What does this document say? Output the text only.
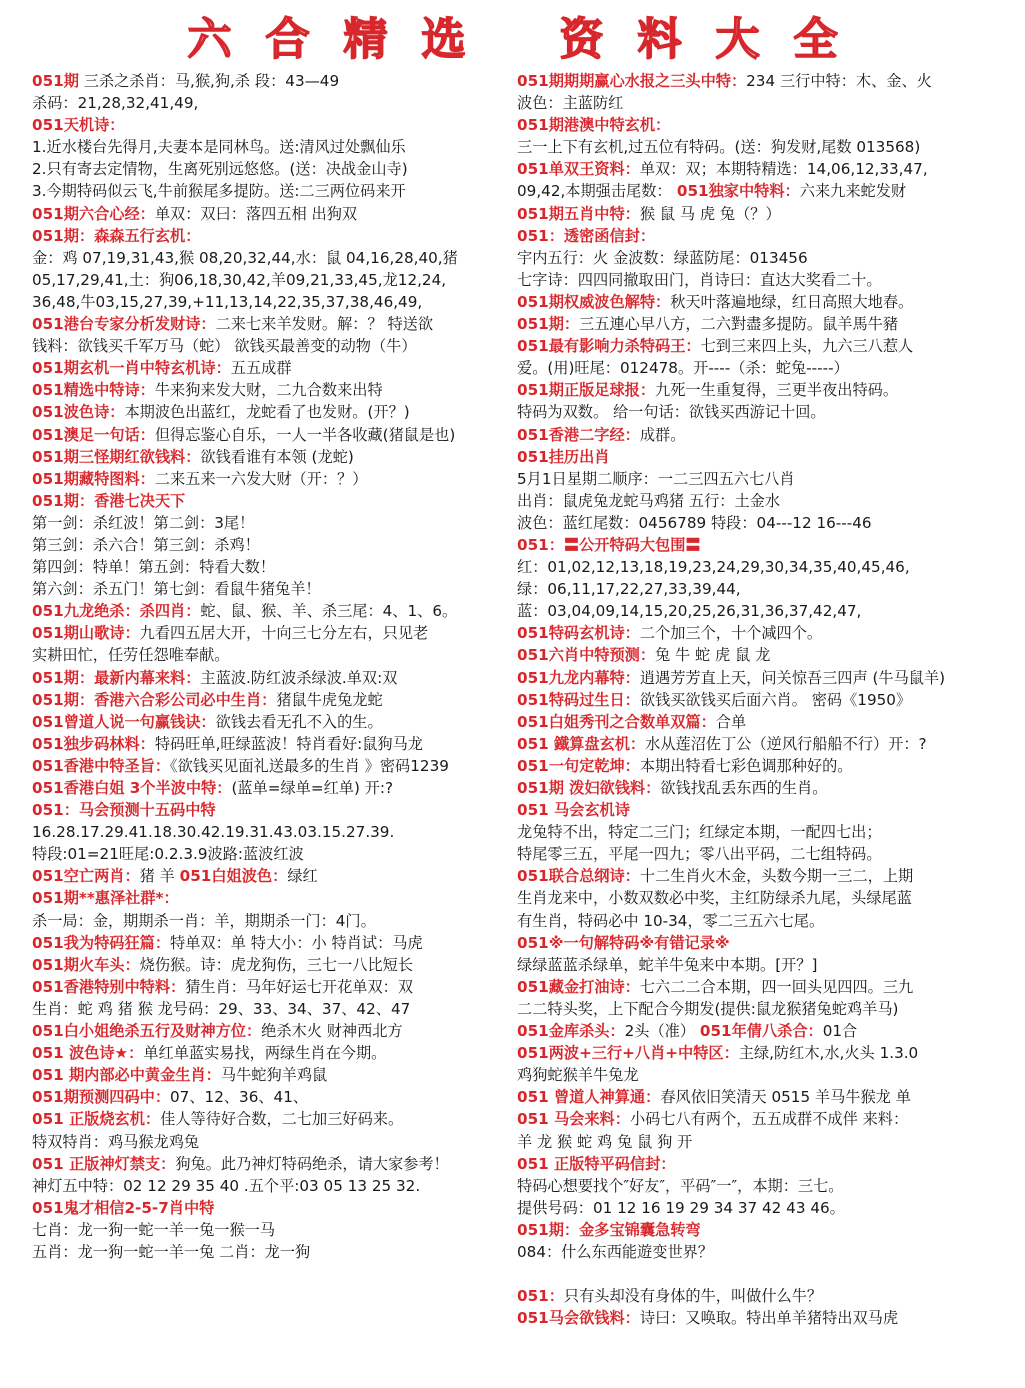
六 合 精 选 资 料 大 全
051期 三杀之杀肖：马,猴,狗,杀 段：43—49
杀码：21,28,32,41,49,
051天机诗：
1.近水楼台先得月,夫妻本是同林鸟。送:清风过处飘仙乐
2.只有寄去定情物，生离死别远悠悠。(送：决战金山寺)
3.今期特码似云飞,牛前猴尾多提防。送:二三两位码来开
051期六合心经：单双：双曰：落四五相 出狗双
051期：森森五行玄机：
金：鸡 07,19,31,43,猴 08,20,32,44,水：鼠 04,16,28,40,猪
05,17,29,41,土：狗06,18,30,42,羊09,21,33,45,龙12,24,
36,48,牛03,15,27,39,+11,13,14,22,35,37,38,46,49,
051港台专家分析发财诗：二来七来羊发财。解：？ 特送欲
钱料：欲钱买千军万马（蛇） 欲钱买最善变的动物（牛）
051期玄机一肖中特玄机诗：五五成群
051精选中特诗：牛来狗来发大财，二九合数来出特
051波色诗：本期波色出蓝红，龙蛇看了也发财。(开？)
051澳足一句话：但得忘鉴心自乐，一人一半各收藏(猪鼠是也)
051期三怪期红欲钱料：欲钱看谁有本领 (龙蛇)
051期藏特图料：二来五来一六发大财（开：？）
051期：香港七决天下
第一剑：杀红波！第二剑：3尾！
第三剑：杀六合！第三剑：杀鸡！
第四剑：特单！第五剑：特看大数！
第六剑：杀五门！第七剑：看鼠牛猪兔羊！
051九龙绝杀：杀四肖：蛇、鼠、猴、羊、杀三尾：4、1、6。
051期山歌诗：九看四五居大开，十向三七分左右，只见老
实耕田忙，任劳任怨唯奉献。
051期：最新内幕来料：主蓝波.防红波杀绿波.单双:双
051期：香港六合彩公司必中生肖：猪鼠牛虎兔龙蛇
051曾道人说一句赢钱诀：欲钱去看无孔不入的生。
051独步码林料：特码旺单,旺绿蓝波！特肖看好:鼠狗马龙
051香港中特圣旨：《欲钱买见面礼送最多的生肖 》密码1239
051香港白姐 3个半波中特：(蓝单=绿单=红单) 开:?
051：马会预测十五码中特
16.28.17.29.41.18.30.42.19.31.43.03.15.27.39.
特段:01=21旺尾:0.2.3.9波路:蓝波红波
051空亡两肖：猪 羊 051白姐波色：绿红
051期**惠泽社群*：
杀一局：金，期期杀一肖：羊，期期杀一门：4门。
051我为特码狂篇：特单双：单 特大小：小 特肖试：马虎
051期火车头：烧伤猴。诗：虎龙狗伤，三七一八比短长
051香港特别中特料：猜生肖：马年好运七开花单双：双
生肖：蛇 鸡 猪 猴 龙号码：29、33、34、37、42、47
051白小姐绝杀五行及财神方位：绝杀木火 财神西北方
051 波色诗★：单红单蓝实易找，两绿生肖在今期。
051 期内部必中黄金生肖：马牛蛇狗羊鸡鼠
051期预测四码中：07、12、36、41、
051 正版烧玄机：佳人等待好合数，二七加三好码来。
特双特肖：鸡马猴龙鸡兔
051 正版神灯禁支：狗兔。此乃神灯特码绝杀，请大家参考！
神灯五中特：02 12 29 35 40 .五个平:03 05 13 25 32.
051鬼才相信2-5-7肖中特
七肖：龙一狗一蛇一羊一兔一猴一马
五肖：龙一狗一蛇一羊一兔 二肖：龙一狗
051期期期赢心水报之三头中特：234 三行中特：木、金、火
波色：主蓝防红
051期港澳中特玄机：
三一上下有玄机,过五位有特码。(送：狗发财,尾数 013568)
051单双王资料：单双：双；本期特精选：14,06,12,33,47,
09,42,本期强击尾数： 051独家中特料：六来九来蛇发财
051期五肖中特：猴 鼠 马 虎 兔（？）
051：透密函信封：
宇内五行：火 金波数：绿蓝防尾：013456
七字诗：四四同撤取田门，肖诗曰：直达大奖看二十。
051期权威波色解特：秋天叶落遍地绿，红日高照大地春。
051期：三五連心早八方，二六對盡多提防。鼠羊馬牛豬
051最有影响力杀特码王：七到三来四上头，九六三八惹人
爱。(用)旺尾：012478。开----（杀：蛇兔-----）
051期正版足球报：九死一生重复得，三更半夜出特码。
特码为双数。 给一句话：欲钱买西游记十回。
051香港二字经：成群。
051挂历出肖
5月1日星期二顺序：一二三四五六七八肖
出肖：鼠虎兔龙蛇马鸡猪 五行：土金水
波色：蓝红尾数：0456789 特段：04---12 16---46
051：〓公开特码大包围〓
红：01,02,12,13,18,19,23,24,29,30,34,35,40,45,46,
绿：06,11,17,22,27,33,39,44,
蓝：03,04,09,14,15,20,25,26,31,36,37,42,47,
051特码玄机诗：二个加三个，十个减四个。
051六肖中特预测：兔 牛 蛇 虎 鼠 龙
051九龙内幕特：逍遇芳芳直上天，问关惊吾三四声 (牛马鼠羊)
051特码过生日：欲钱买欲钱买后面六肖。 密码《1950》
051白姐秀刊之合数单双篇：合单
051 鐵算盘玄机：水从莲沼佐丁公（逆风行船船不行）开：?
051一句定乾坤：本期出特看七彩色调那种好的。
051期 泼妇欲钱料：欲钱找乱丢东西的生肖。
051 马会玄机诗
龙兔特不出，特定二三门；红绿定本期，一配四七出；
特尾零三五，平尾一四九；零八出平码，二七组特码。
051联合总纲诗：十二生肖火木金，头数今期一三二，上期
生肖龙来中，小数双数必中奖，主红防绿杀九尾，头绿尾蓝
有生肖，特码必中 10-34，零二三五六七尾。
051※一句解特码※有错记录※
绿绿蓝蓝杀绿单，蛇羊牛兔来中本期。[开？]
051藏金打油诗：七六二二合本期，四一回头见四四。三九
二二特头奖，上下配合今期发(提供:鼠龙猴猪兔蛇鸡羊马)
051金库杀头：2头（准） 051年倩八杀合：01合
051两波+三行+八肖+中特区：主绿,防红木,水,火头 1.3.0
鸡狗蛇猴羊牛兔龙
051 曾道人神算通：春风依旧笑清天 0515 羊马牛猴龙 单
051 马会来料：小码七八有两个，五五成群不成伴 来料：
羊 龙 猴 蛇 鸡 兔 鼠 狗 开
051 正版特平码信封：
特码心想要找个″好友″，平码″一″，本期：三七。
提供号码：01 12 16 19 29 34 37 42 43 46。
051期：金多宝锦囊急转弯
084：什么东西能遊变世界？
051：只有头却没有身体的牛，叫做什么牛？
051马会欲钱料：诗曰：又唤取。特出单羊猪特出双马虎
